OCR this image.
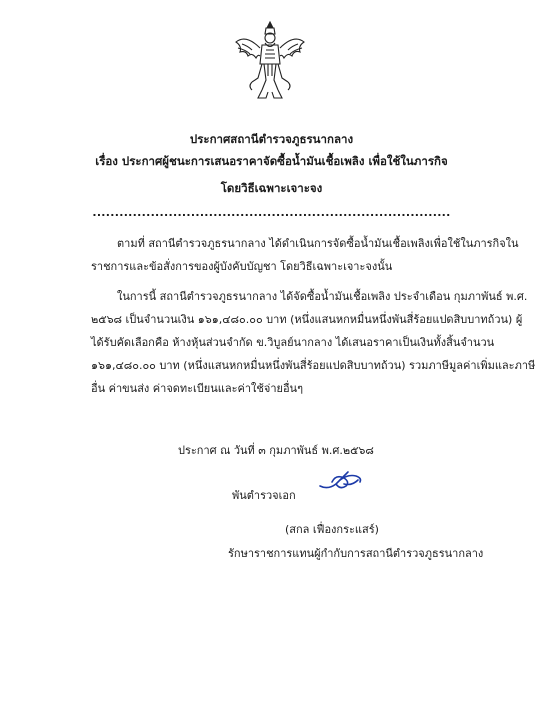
ประกาศสถานีตำรวจภูธรนากลาง
เรื่อง ประกาศผู้ชนะการเสนอราคาจัดซื้อน้ำมันเชื้อเพลิง เพื่อใช้ในภารกิจ
โดยวิธีเฉพาะเจาะจง
................................................................................
ตามที่ สถานีตำรวจภูธรนากลาง ได้ดำเนินการจัดซื้อน้ำมันเชื้อเพลิงเพื่อใช้ในภารกิจใน
ราชการและข้อสั่งการของผู้บังคับบัญชา โดยวิธีเฉพาะเจาะจงนั้น
ในการนี้ สถานีตำรวจภูธรนากลาง ได้จัดซื้อน้ำมันเชื้อเพลิง ประจำเดือน กุมภาพันธ์ พ.ศ.
๒๕๖๘ เป็นจำนวนเงิน ๑๖๑,๔๘๐.๐๐ บาท (หนึ่งแสนหกหมื่นหนึ่งพันสี่ร้อยแปดสิบบาทถ้วน) ผู้
ได้รับคัดเลือกคือ ห้างหุ้นส่วนจำกัด ข.วิบูลย์นากลาง ได้เสนอราคาเป็นเงินทั้งสิ้นจำนวน
๑๖๑,๔๘๐.๐๐ บาท (หนึ่งแสนหกหมื่นหนึ่งพันสี่ร้อยแปดสิบบาทถ้วน) รวมภาษีมูลค่าเพิ่มและภาษี
อื่น ค่าขนส่ง ค่าจดทะเบียนและค่าใช้จ่ายอื่นๆ
ประกาศ ณ วันที่ ๓ กุมภาพันธ์ พ.ศ.๒๕๖๘
พันตำรวจเอก
(สกล เฟื่องกระแสร์)
รักษาราชการแทนผู้กำกับการสถานีตำรวจภูธรนากลาง
